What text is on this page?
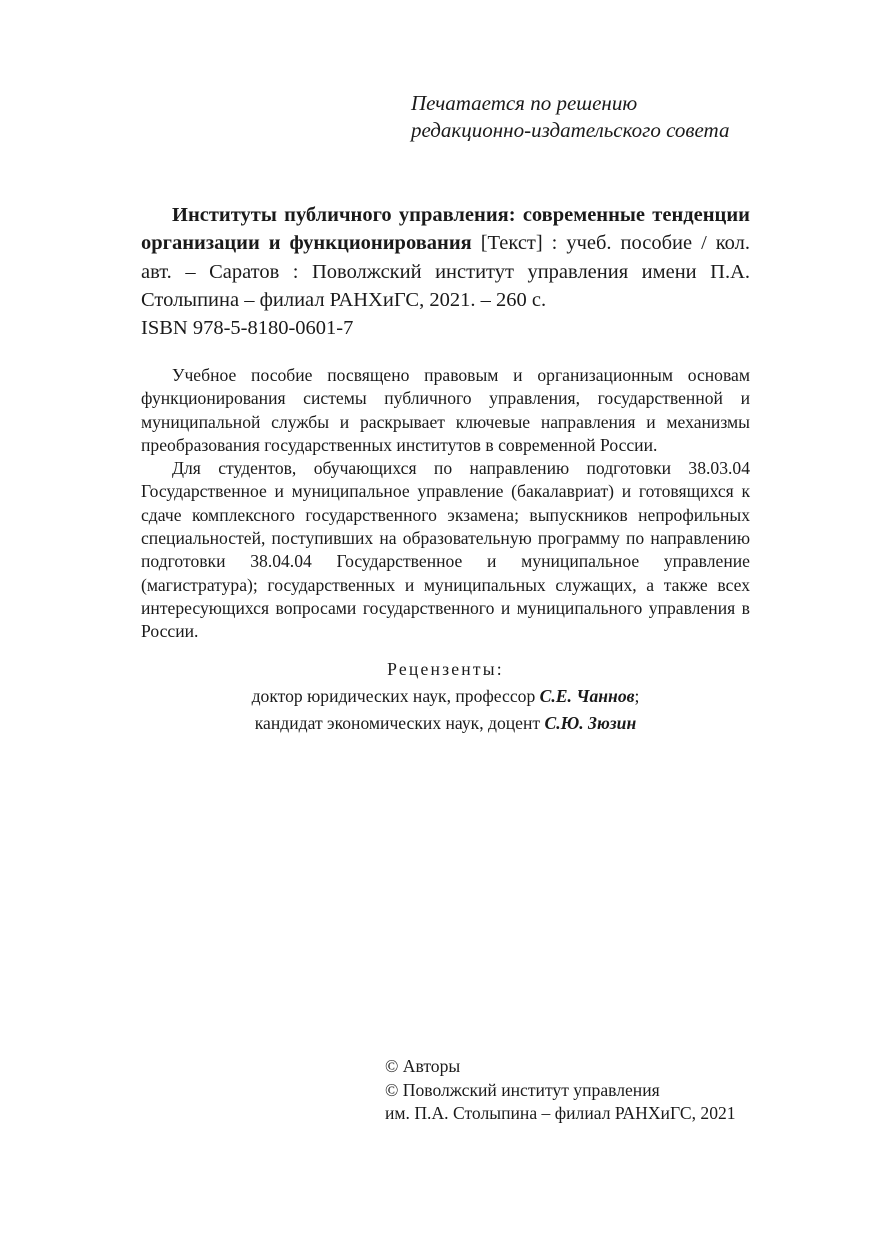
Печатается по решению
редакционно-издательского совета

Институты публичного управления: современные тенденции организации и функционирования [Текст] : учеб. пособие / кол. авт. – Саратов : Поволжский институт управления имени П.А. Столыпина – филиал РАНХиГС, 2021. – 260 с.

ISBN 978-5-8180-0601-7

Учебное пособие посвящено правовым и организационным основам функционирования системы публичного управления, государственной и муниципальной службы и раскрывает ключевые направления и механизмы преобразования государственных институтов в современной России.

Для студентов, обучающихся по направлению подготовки 38.03.04 Государственное и муниципальное управление (бакалавриат) и готовящихся к сдаче комплексного государственного экзамена; выпускников непрофильных специальностей, поступивших на образовательную программу по направлению подготовки 38.04.04 Государственное и муниципальное управление (магистратура); государственных и муниципальных служащих, а также всех интересующихся вопросами государственного и муниципального управления в России.

Рецензенты:
доктор юридических наук, профессор С.Е. Чаннов;
кандидат экономических наук, доцент С.Ю. Зюзин
© Авторы
© Поволжский институт управления
им. П.А. Столыпина – филиал РАНХиГС, 2021
